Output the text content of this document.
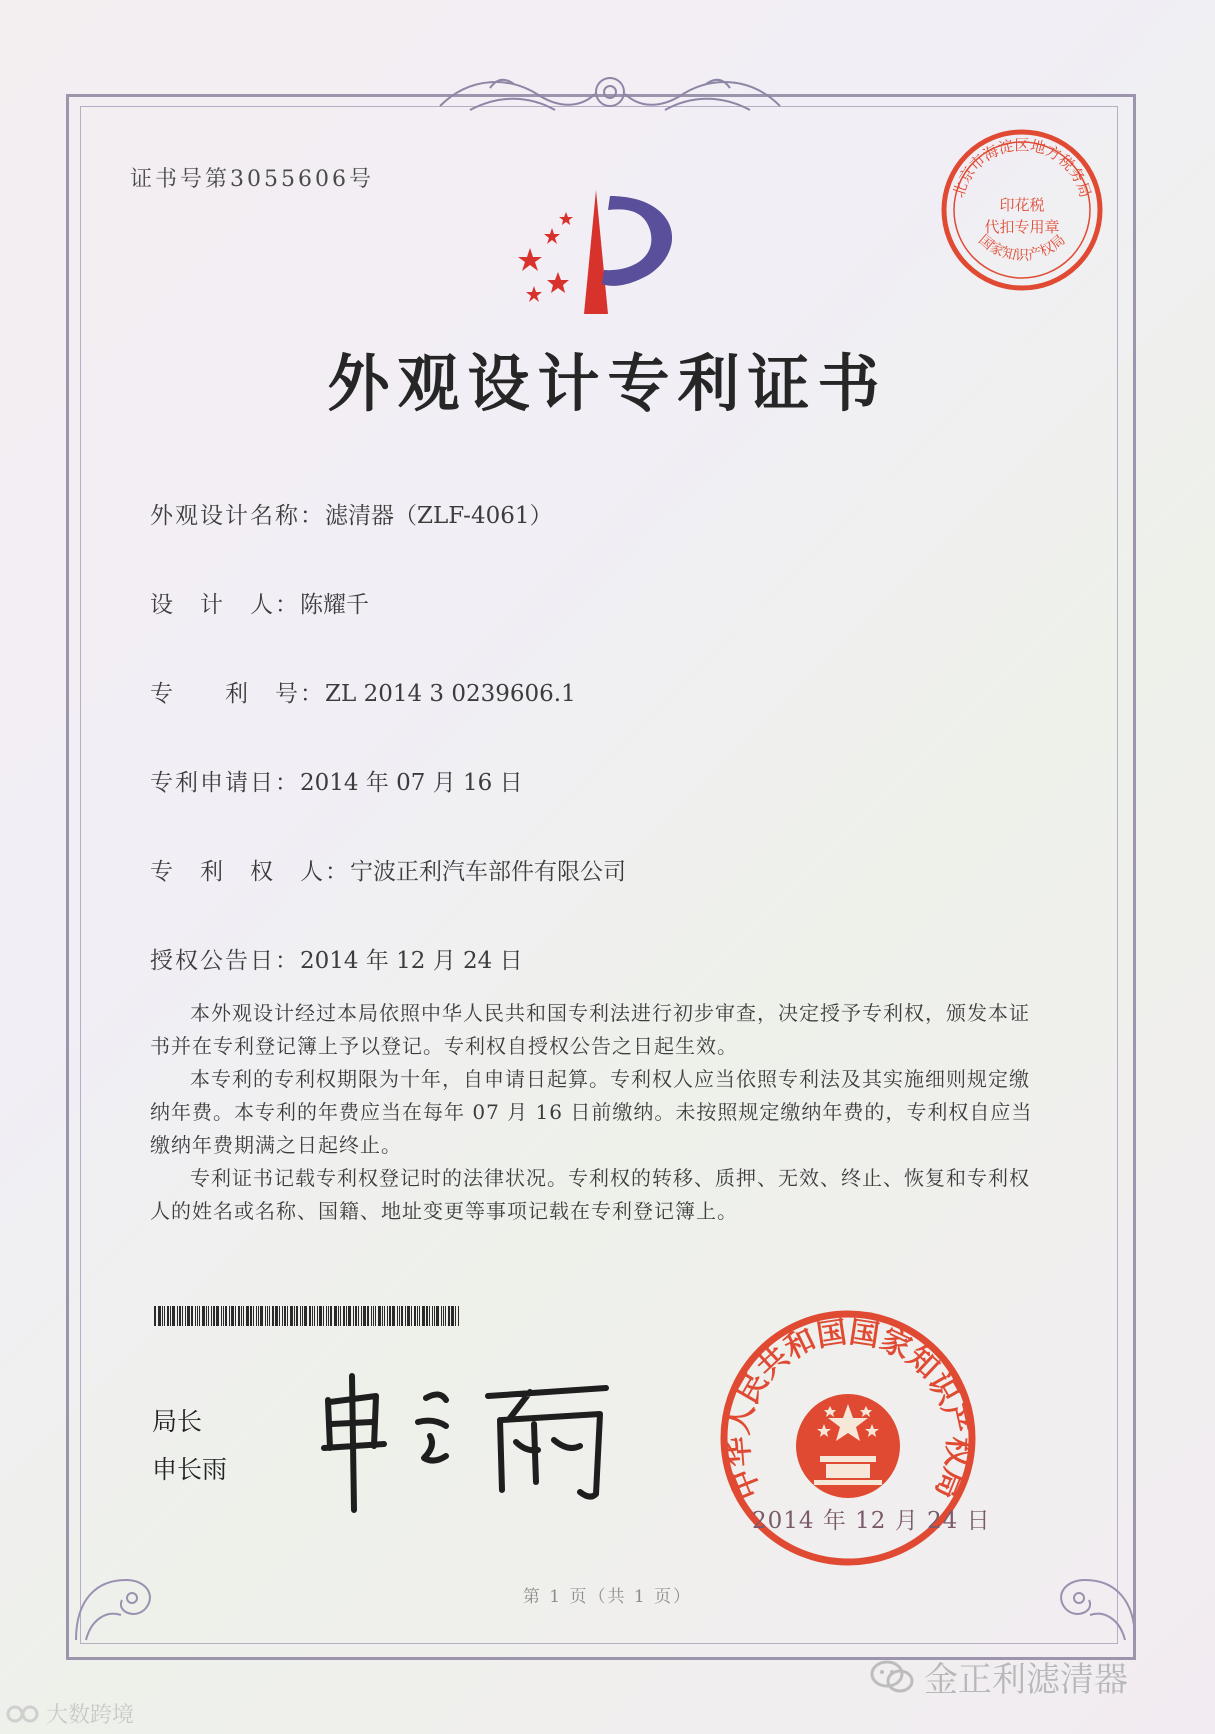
证书号第3055606号	北京市海淀区地方税务局
国家知识产权局
印花税
代扣专用章
外观设计专利证书
外观设计名称：滤清器（ZLF-4061）
设　计　人：陈耀千
专　　利　号：ZL 2014 3 0239606.1
专利申请日：2014 年 07 月 16 日
专　利　权　人：宁波正利汽车部件有限公司
授权公告日：2014 年 12 月 24 日

本外观设计经过本局依照中华人民共和国专利法进行初步审查，决定授予专利权，颁发本证书并在专利登记簿上予以登记。专利权自授权公告之日起生效。

本专利的专利权期限为十年，自申请日起算。专利权人应当依照专利法及其实施细则规定缴纳年费。本专利的年费应当在每年 07 月 16 日前缴纳。未按照规定缴纳年费的，专利权自应当缴纳年费期满之日起终止。

专利证书记载专利权登记时的法律状况。专利权的转移、质押、无效、终止、恢复和专利权人的姓名或名称、国籍、地址变更等事项记载在专利登记簿上。

局长
申长雨	中华人民共和国国家知识产权局
2014 年 12 月 24 日
第 1 页（共 1 页）
金正利滤清器
大数跨境
